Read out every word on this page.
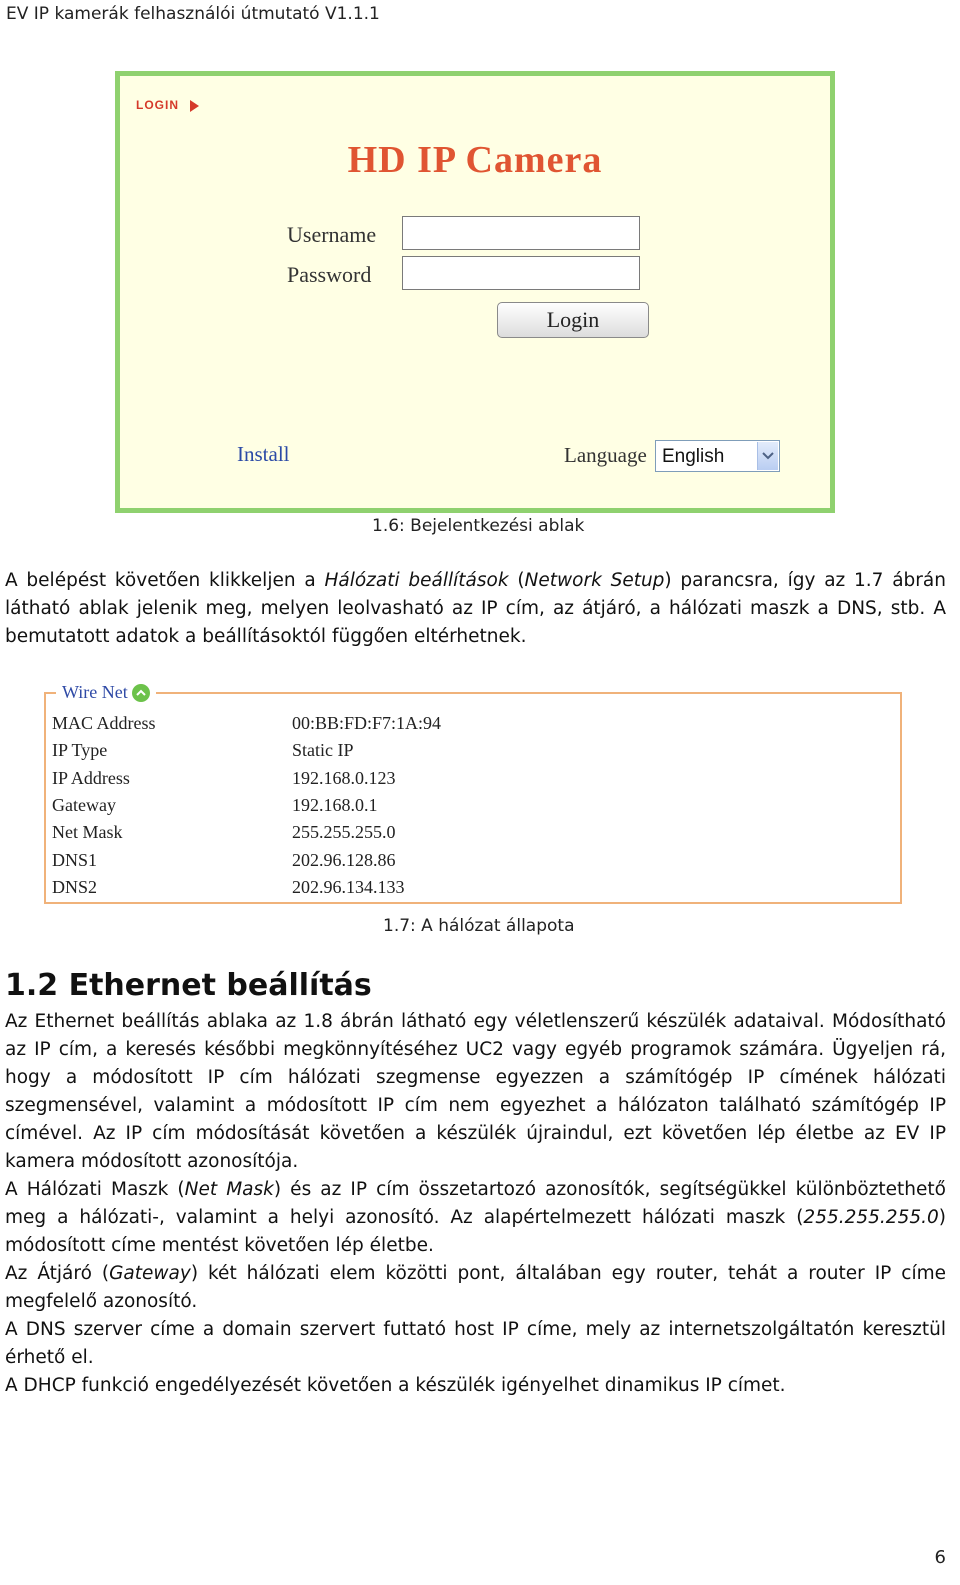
EV IP kamerák felhasználói útmutató V1.1.1
LOGIN
HD IP Camera
Username
Password
Login
Install	Language English
1.6: Bejelentkezési ablak

A belépést követően klikkeljen a Hálózati beállítások (Network Setup) parancsra, így az 1.7 ábrán látható ablak jelenik meg, melyen leolvasható az IP cím, az átjáró, a hálózati maszk a DNS, stb. A bemutatott adatok a beállításoktól függően eltérhetnek.

Wire Net
MAC Address	00:BB:FD:F7:1A:94
IP Type	Static IP
IP Address	192.168.0.123
Gateway	192.168.0.1
Net Mask	255.255.255.0
DNS1	202.96.128.86
DNS2	202.96.134.133
1.7: A hálózat állapota
1.2 Ethernet beállítás

Az Ethernet beállítás ablaka az 1.8 ábrán látható egy véletlenszerű készülék adataival. Módosítható az IP cím, a keresés későbbi megkönnyítéséhez UC2 vagy egyéb programok számára. Ügyeljen rá, hogy a módosított IP cím hálózati szegmense egyezzen a számítógép IP címének hálózati szegmensével, valamint a módosított IP cím nem egyezhet a hálózaton található számítógép IP címével. Az IP cím módosítását követően a készülék újraindul, ezt követően lép életbe az EV IP kamera módosított azonosítója.

A Hálózati Maszk (Net Mask) és az IP cím összetartozó azonosítók, segítségükkel különböztethető meg a hálózati-, valamint a helyi azonosító. Az alapértelmezett hálózati maszk (255.255.255.0) módosított címe mentést követően lép életbe.

Az Átjáró (Gateway) két hálózati elem közötti pont, általában egy router, tehát a router IP címe megfelelő azonosító.

A DNS szerver címe a domain szervert futtató host IP címe, mely az internetszolgáltatón keresztül érhető el.

A DHCP funkció engedélyezését követően a készülék igényelhet dinamikus IP címet.

6
